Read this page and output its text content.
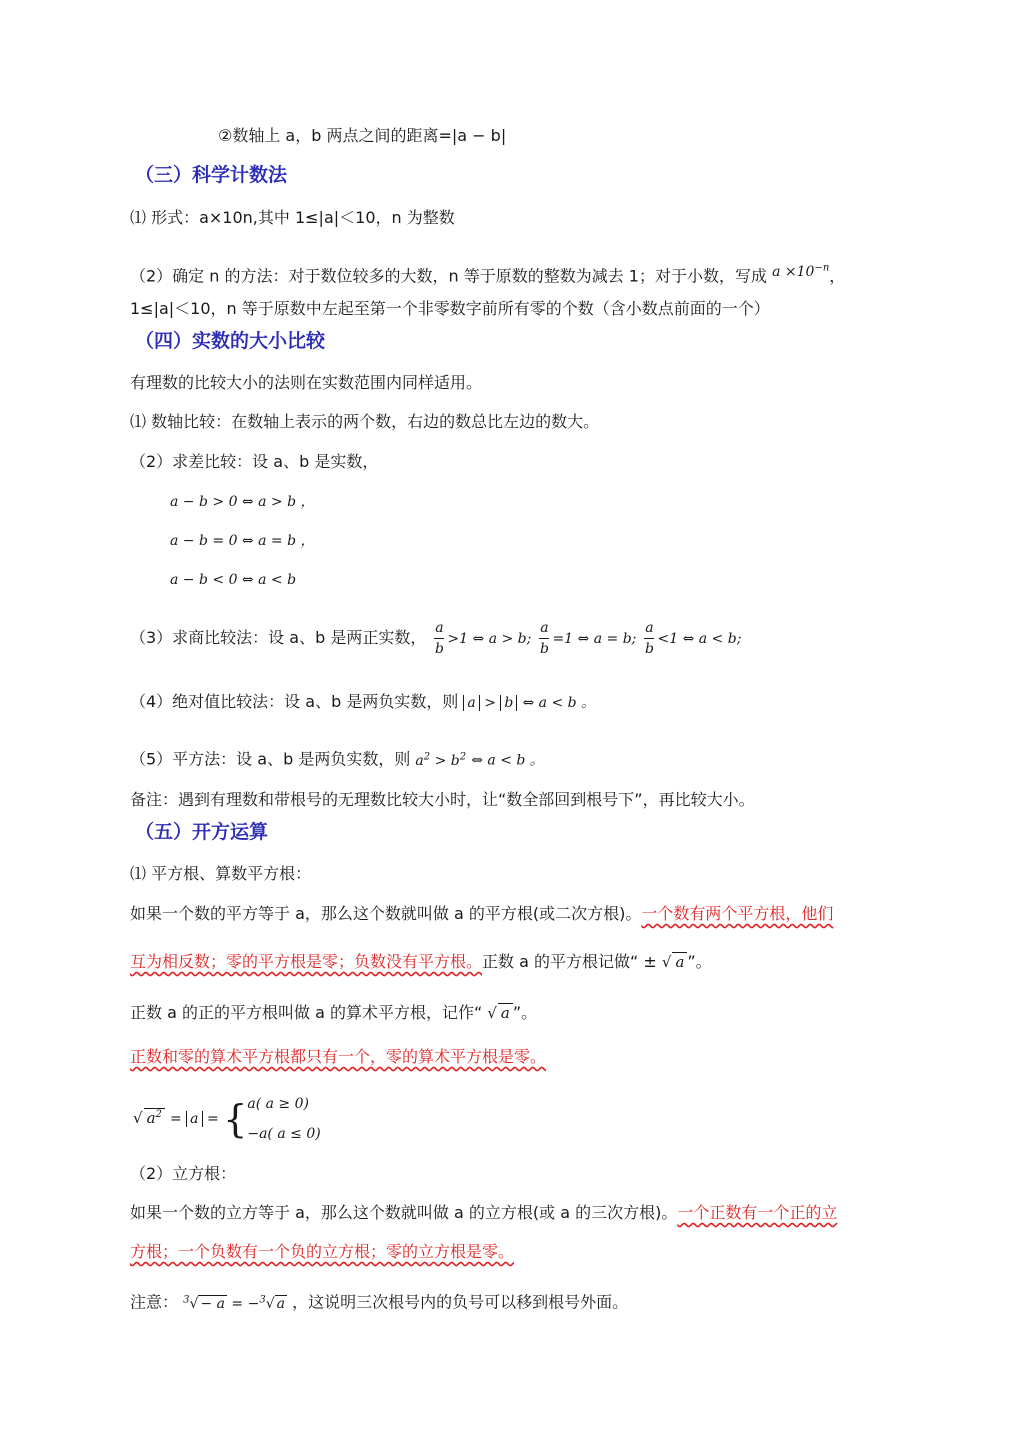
②数轴上 a，b 两点之间的距离=|a − b|
（三）科学计数法
⑴ 形式：a×10n,其中 1≤|a|＜10，n 为整数
（2）确定 n 的方法：对于数位较多的大数，n 等于原数的整数为减去 1；对于小数，写成 $a \times 10^{-n}$，
1≤|a|＜10，n 等于原数中左起至第一个非零数字前所有零的个数（含小数点前面的一个）
（四）实数的大小比较
有理数的比较大小的法则在实数范围内同样适用。
⑴ 数轴比较：在数轴上表示的两个数，右边的数总比左边的数大。
（2）求差比较：设 a、b 是实数，
a − b > 0 ⇔ a > b ，
a − b = 0 ⇔ a = b ，
a − b < 0 ⇔ a < b
（3）求商比较法：设 a、b 是两正实数， $\frac{a}{b} >1$ ⇔ a > b; $\frac{a}{b} =1$ ⇔ a = b; $\frac{a}{b} <1$ ⇔ a < b;
（4）绝对值比较法：设 a、b 是两负实数，则 a > b ⇔ a < b 。
（5）平方法：设 a、b 是两负实数，则 $a^2 > b^2$ ⇔ a < b 。
备注：遇到有理数和带根号的无理数比较大小时，让“数全部回到根号下”，再比较大小。
（五）开方运算
⑴ 平方根、算数平方根：
如果一个数的平方等于 a，那么这个数就叫做 a 的平方根(或二次方根)。一个数有两个平方根，他们
互为相反数；零的平方根是零；负数没有平方根。正数 a 的平方根记做“ ± √ a ”。
正数 a 的正的平方根叫做 a 的算术平方根，记作“ √ a ”。
正数和零的算术平方根都只有一个，零的算术平方根是零。
√ $a^2 = a$ = { a( a ≥ 0)
−a( a ≤ 0)
（2）立方根：
如果一个数的立方等于 a，那么这个数就叫做 a 的立方根(或 a 的三次方根)。一个正数有一个正的立
方根；一个负数有一个负的立方根；零的立方根是零。
注意： $^3$√ − a = −$^3$√ a ，这说明三次根号内的负号可以移到根号外面。
